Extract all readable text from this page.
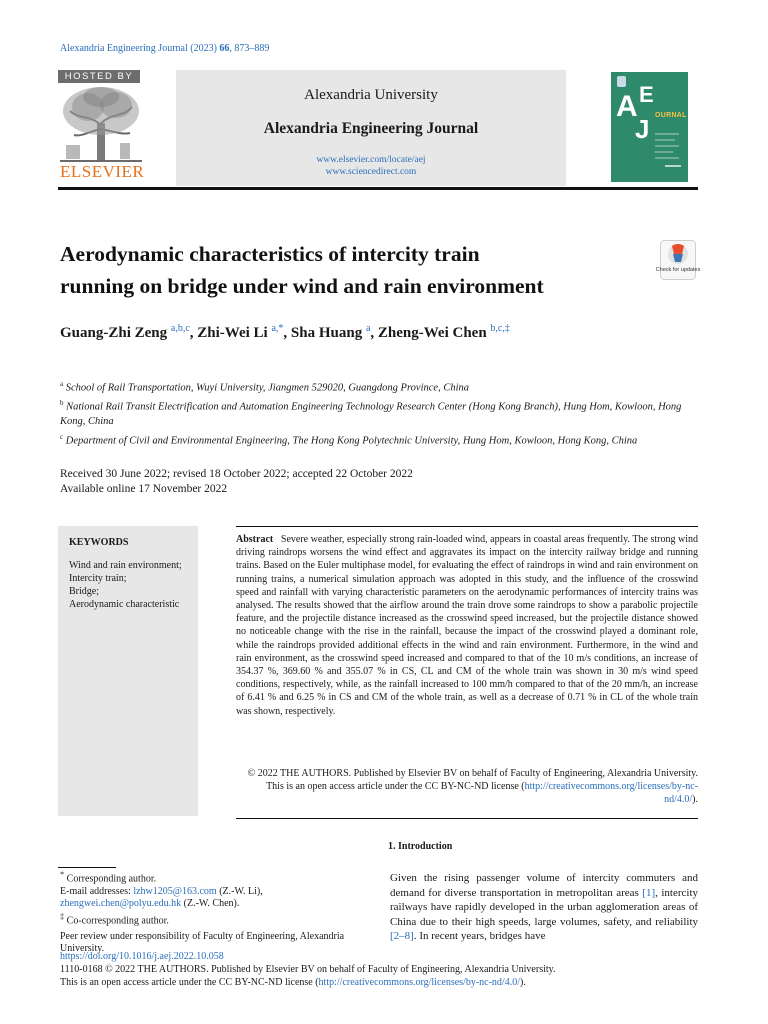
Alexandria Engineering Journal (2023) 66, 873–889
HOSTED BY
ELSEVIER
Alexandria University
Alexandria Engineering Journal
www.elsevier.com/locate/aej
www.sciencedirect.com
A E
J OURNAL
Aerodynamic characteristics of intercity train
running on bridge under wind and rain environment
Check for updates
Guang-Zhi Zeng $^{a,b,c}$, Zhi-Wei Li $^{a,*}$, Sha Huang $^a$, Zheng-Wei Chen $^{b,c,\ddagger}$

$^a$ School of Rail Transportation, Wuyi University, Jiangmen 529020, Guangdong Province, China

$^b$ National Rail Transit Electrification and Automation Engineering Technology Research Center (Hong Kong Branch), Hung Hom, Kowloon, Hong Kong, China

$^c$ Department of Civil and Environmental Engineering, The Hong Kong Polytechnic University, Hung Hom, Kowloon, Hong Kong, China

Received 30 June 2022; revised 18 October 2022; accepted 22 October 2022
Available online 17 November 2022
KEYWORDS
Wind and rain environment;
Intercity train;
Bridge;
Aerodynamic characteristic
Abstract Severe weather, especially strong rain-loaded wind, appears in coastal areas frequently. The strong wind driving raindrops worsens the wind effect and aggravates its impact on the intercity railway bridge and running trains. Based on the Euler multiphase model, for evaluating the effect of raindrops in wind and rain environment on running trains, a numerical simulation approach was adopted in this study, and the influence of the crosswind speed and rainfall with varying characteristic parameters on the aerodynamic performances of intercity trains was analysed. The results showed that the airflow around the train drove some raindrops to show a parabolic projectile feature, and the projectile distance increased as the crosswind speed increased, but the projectile distance showed no noticeable change with the rise in the rainfall, because the impact of the crosswind played a dominant role, while the raindrops provided additional effects in the wind and rain environment. Furthermore, in the wind and rain environment, as the crosswind speed increased and compared to that of the 10 m/s conditions, an increase of 354.37 %, 369.60 % and 355.07 % in CS, CL and CM of the whole train was shown in 30 m/s wind speed conditions, respectively, while, as the rainfall increased to 100 mm/h compared to that of the 20 mm/h, an increase of 6.41 % and 6.25 % in CS and CM of the whole train, as well as a decrease of 0.71 % in CL of the whole train was shown, respectively.
© 2022 THE AUTHORS. Published by Elsevier BV on behalf of Faculty of Engineering, Alexandria University. This is an open access article under the CC BY-NC-ND license (http://creativecommons.org/licenses/by-nc-nd/4.0/).
1. Introduction
Given the rising passenger volume of intercity commuters and demand for diverse transportation in metropolitan areas [1], intercity railways have rapidly developed in the urban agglomeration areas of China due to their high speeds, large volumes, safety, and reliability [2–8]. In recent years, bridges have

* Corresponding author.

E-mail addresses: lzhw1205@163.com (Z.-W. Li), zhengwei.chen@polyu.edu.hk (Z.-W. Chen).

‡ Co-corresponding author.

Peer review under responsibility of Faculty of Engineering, Alexandria University.

https://doi.org/10.1016/j.aej.2022.10.058
1110-0168 © 2022 THE AUTHORS. Published by Elsevier BV on behalf of Faculty of Engineering, Alexandria University.
This is an open access article under the CC BY-NC-ND license (http://creativecommons.org/licenses/by-nc-nd/4.0/).
